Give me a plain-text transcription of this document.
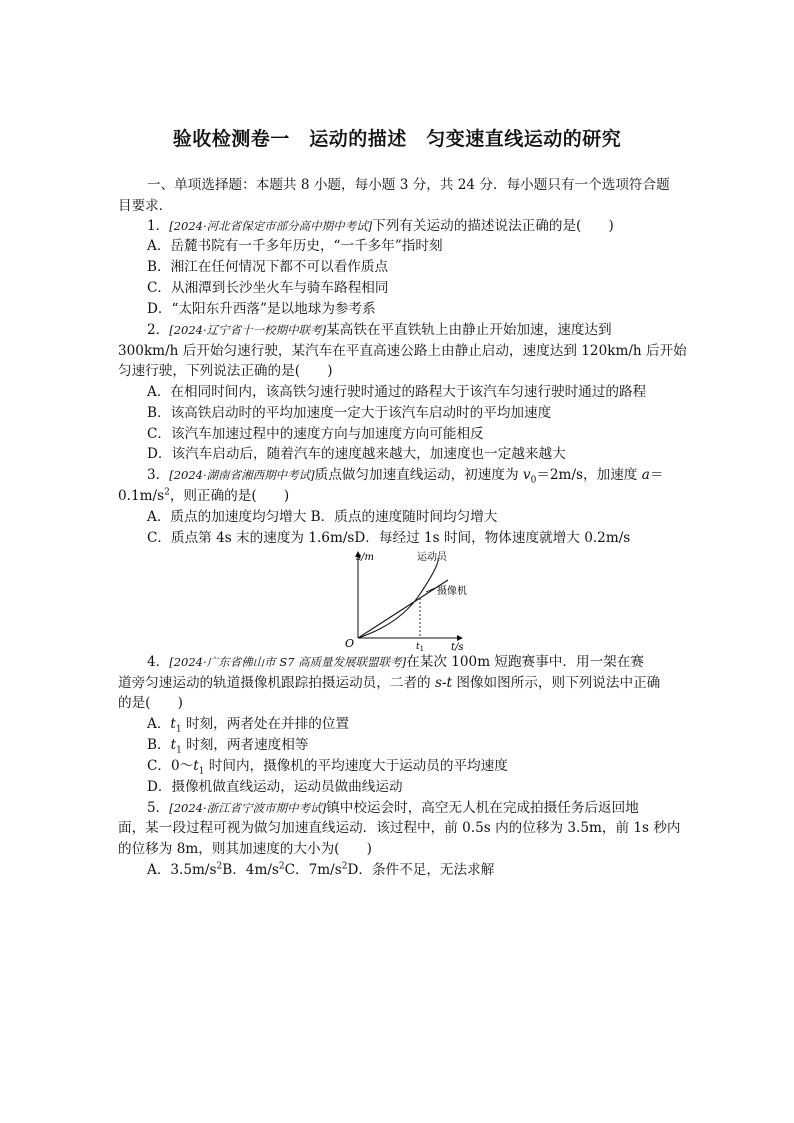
验收检测卷一　运动的描述　匀变速直线运动的研究
一、单项选择题：本题共 8 小题，每小题 3 分，共 24 分．每小题只有一个选项符合题
目要求．
1．[2024·河北省保定市部分高中期中考试]下列有关运动的描述说法正确的是(　　)
A．岳麓书院有一千多年历史，“一千多年”指时刻
B．湘江在任何情况下都不可以看作质点
C．从湘潭到长沙坐火车与骑车路程相同
D．“太阳东升西落”是以地球为参考系
2．[2024·辽宁省十一校期中联考]某高铁在平直铁轨上由静止开始加速，速度达到
300km/h 后开始匀速行驶，某汽车在平直高速公路上由静止启动，速度达到 120km/h 后开始
匀速行驶，下列说法正确的是(　　)
A．在相同时间内，该高铁匀速行驶时通过的路程大于该汽车匀速行驶时通过的路程
B．该高铁启动时的平均加速度一定大于该汽车启动时的平均加速度
C．该汽车加速过程中的速度方向与加速度方向可能相反
D．该汽车启动后，随着汽车的速度越来越大，加速度也一定越来越大
3．[2024·湖南省湘西期中考试]质点做匀加速直线运动，初速度为 $v_0=2m/s$，加速度 a＝
$0.1m/s^2$，则正确的是(　　)
A．质点的加速度均匀增大 B．质点的速度随时间均匀增大
C．质点第 4s 末的速度为 1.6m/sD．每经过 1s 时间，物体速度就增大 0.2m/s
s/m
t/s
O
运动员
摄像机
$t_1$
4．[2024·广东省佛山市 S7 高质量发展联盟联考]在某次 100m 短跑赛事中．用一架在赛
道旁匀速运动的轨道摄像机跟踪拍摄运动员，二者的 s-t 图像如图所示，则下列说法中正确
的是(　　)
A．$t_1$ 时刻，两者处在并排的位置
B．$t_1$ 时刻，两者速度相等
C．$0\sim t_1$ 时间内，摄像机的平均速度大于运动员的平均速度
D．摄像机做直线运动，运动员做曲线运动
5．[2024·浙江省宁波市期中考试]镇中校运会时，高空无人机在完成拍摄任务后返回地
面，某一段过程可视为做匀加速直线运动．该过程中，前 0.5s 内的位移为 3.5m，前 1s 秒内
的位移为 8m，则其加速度的大小为(　　)
A．$3.5m/s^2B$．$4m/s^2C$．$7m/s^2D$．条件不足，无法求解
